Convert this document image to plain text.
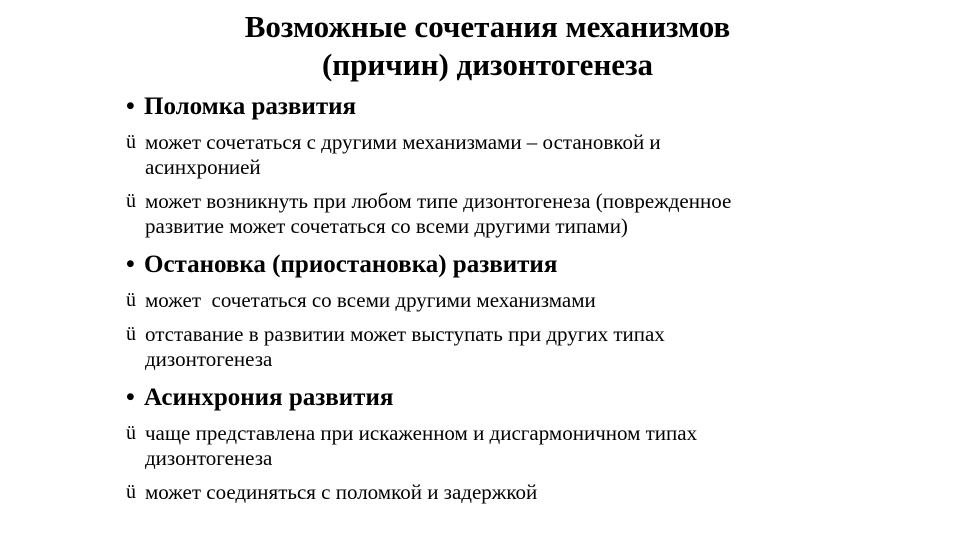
Возможные сочетания механизмов
(причин) дизонтогенеза
• Поломка развития
ü может сочетаться с другими механизмами – остановкой и
асинхронией
ü может возникнуть при любом типе дизонтогенеза (поврежденное
развитие может сочетаться со всеми другими типами)
• Остановка (приостановка) развития
ü может  сочетаться со всеми другими механизмами
ü отставание в развитии может выступать при других типах
дизонтогенеза
• Асинхрония развития
ü чаще представлена при искаженном и дисгармоничном типах
дизонтогенеза
ü может соединяться с поломкой и задержкой
